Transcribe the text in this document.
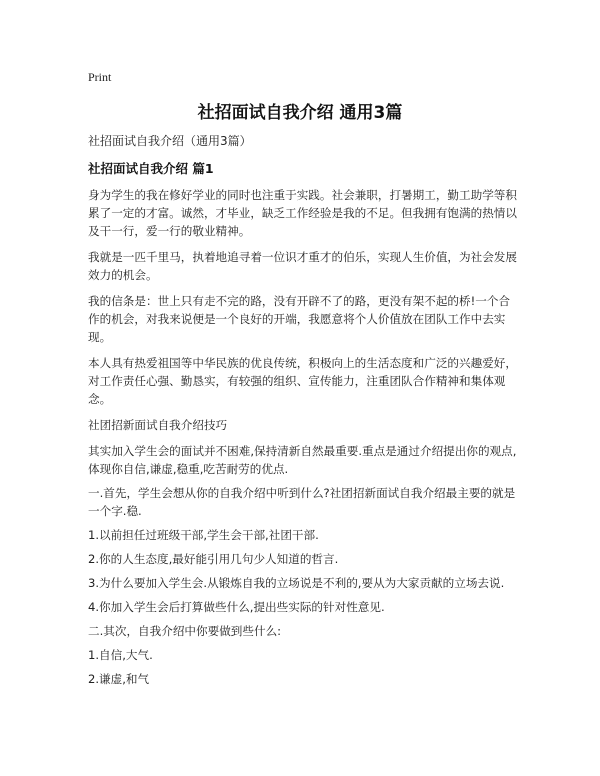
Print
社招面试自我介绍 通用3篇

社招面试自我介绍（通用3篇）

社招面试自我介绍 篇1

身为学生的我在修好学业的同时也注重于实践。社会兼职，打暑期工，勤工助学等积累了一定的才富。诚然，才毕业，缺乏工作经验是我的不足。但我拥有饱满的热情以及干一行，爱一行的敬业精神。

我就是一匹千里马，执着地追寻着一位识才重才的伯乐，实现人生价值，为社会发展效力的机会。

我的信条是：世上只有走不完的路，没有开辟不了的路，更没有架不起的桥!一个合作的机会，对我来说便是一个良好的开端，我愿意将个人价值放在团队工作中去实现。

本人具有热爱祖国等中华民族的优良传统，积极向上的生活态度和广泛的兴趣爱好，对工作责任心强、勤恳实，有较强的组织、宣传能力，注重团队合作精神和集体观念。

社团招新面试自我介绍技巧

其实加入学生会的面试并不困难,保持清新自然最重要.重点是通过介绍提出你的观点,体现你自信,谦虚,稳重,吃苦耐劳的优点.

一.首先，学生会想从你的自我介绍中听到什么?社团招新面试自我介绍最主要的就是一个字.稳.

1.以前担任过班级干部,学生会干部,社团干部.

2.你的人生态度,最好能引用几句少人知道的哲言.

3.为什么要加入学生会.从锻炼自我的立场说是不利的,要从为大家贡献的立场去说.

4.你加入学生会后打算做些什么,提出些实际的针对性意见.

二.其次，自我介绍中你要做到些什么:

1.自信,大气.

2.谦虚,和气
